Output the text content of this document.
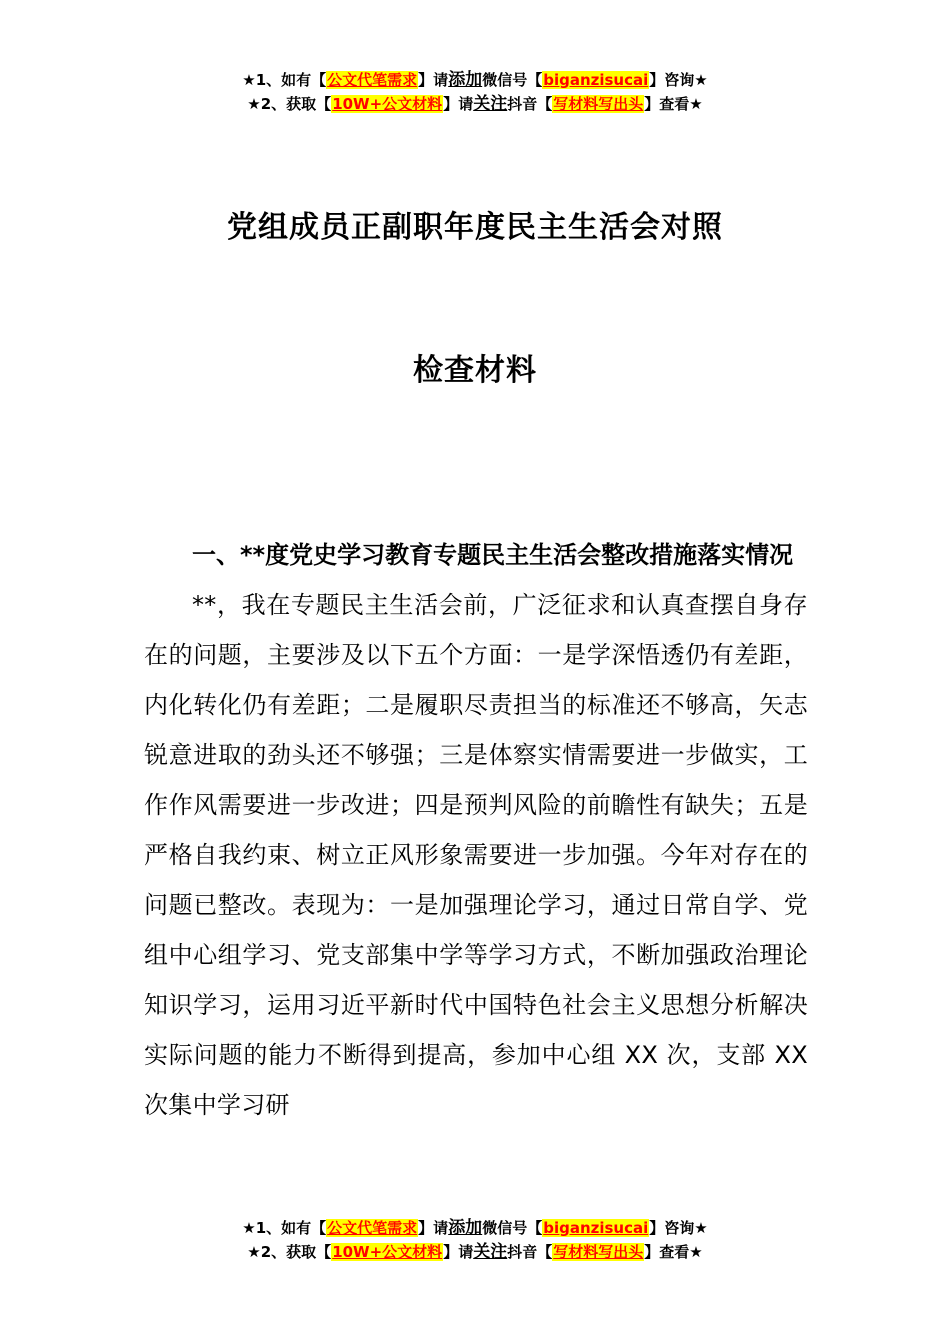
★1、如有【公文代笔需求】请添加微信号【biganzisucai】咨询★
★2、获取【10W+公文材料】请关注抖音【写材料写出头】查看★
党组成员正副职年度民主生活会对照
检查材料

一、**度党史学习教育专题民主生活会整改措施落实情况

**，我在专题民主生活会前，广泛征求和认真查摆自身存在的问题，主要涉及以下五个方面：一是学深悟透仍有差距，内化转化仍有差距；二是履职尽责担当的标准还不够高，矢志锐意进取的劲头还不够强；三是体察实情需要进一步做实，工作作风需要进一步改进；四是预判风险的前瞻性有缺失；五是严格自我约束、树立正风形象需要进一步加强。今年对存在的问题已整改。表现为：一是加强理论学习，通过日常自学、党组中心组学习、党支部集中学等学习方式，不断加强政治理论知识学习，运用习近平新时代中国特色社会主义思想分析解决实际问题的能力不断得到提高，参加中心组 XX 次，支部 XX 次集中学习研

★1、如有【公文代笔需求】请添加微信号【biganzisucai】咨询★
★2、获取【10W+公文材料】请关注抖音【写材料写出头】查看★
